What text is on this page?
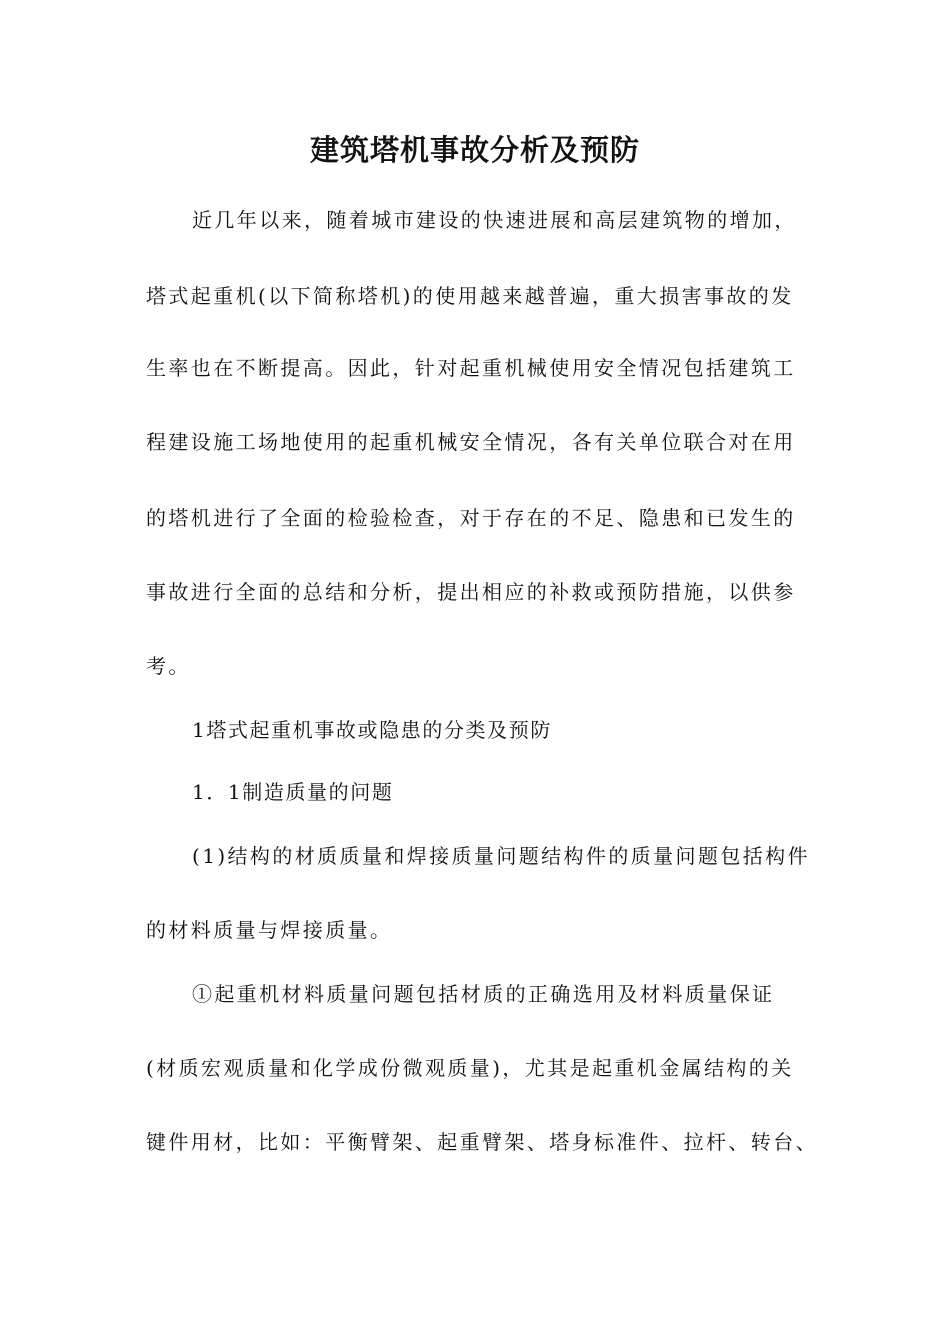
建筑塔机事故分析及预防
近几年以来，随着城市建设的快速进展和高层建筑物的增加，
塔式起重机(以下简称塔机)的使用越来越普遍，重大损害事故的发
生率也在不断提高。因此，针对起重机械使用安全情况包括建筑工
程建设施工场地使用的起重机械安全情况，各有关单位联合对在用
的塔机进行了全面的检验检查，对于存在的不足、隐患和已发生的
事故进行全面的总结和分析，提出相应的补救或预防措施，以供参
考。
1塔式起重机事故或隐患的分类及预防
1．1制造质量的问题
(1)结构的材质质量和焊接质量问题结构件的质量问题包括构件
的材料质量与焊接质量。
①起重机材料质量问题包括材质的正确选用及材料质量保证
(材质宏观质量和化学成份微观质量)，尤其是起重机金属结构的关
键件用材，比如：平衡臂架、起重臂架、塔身标准件、拉杆、转台、
